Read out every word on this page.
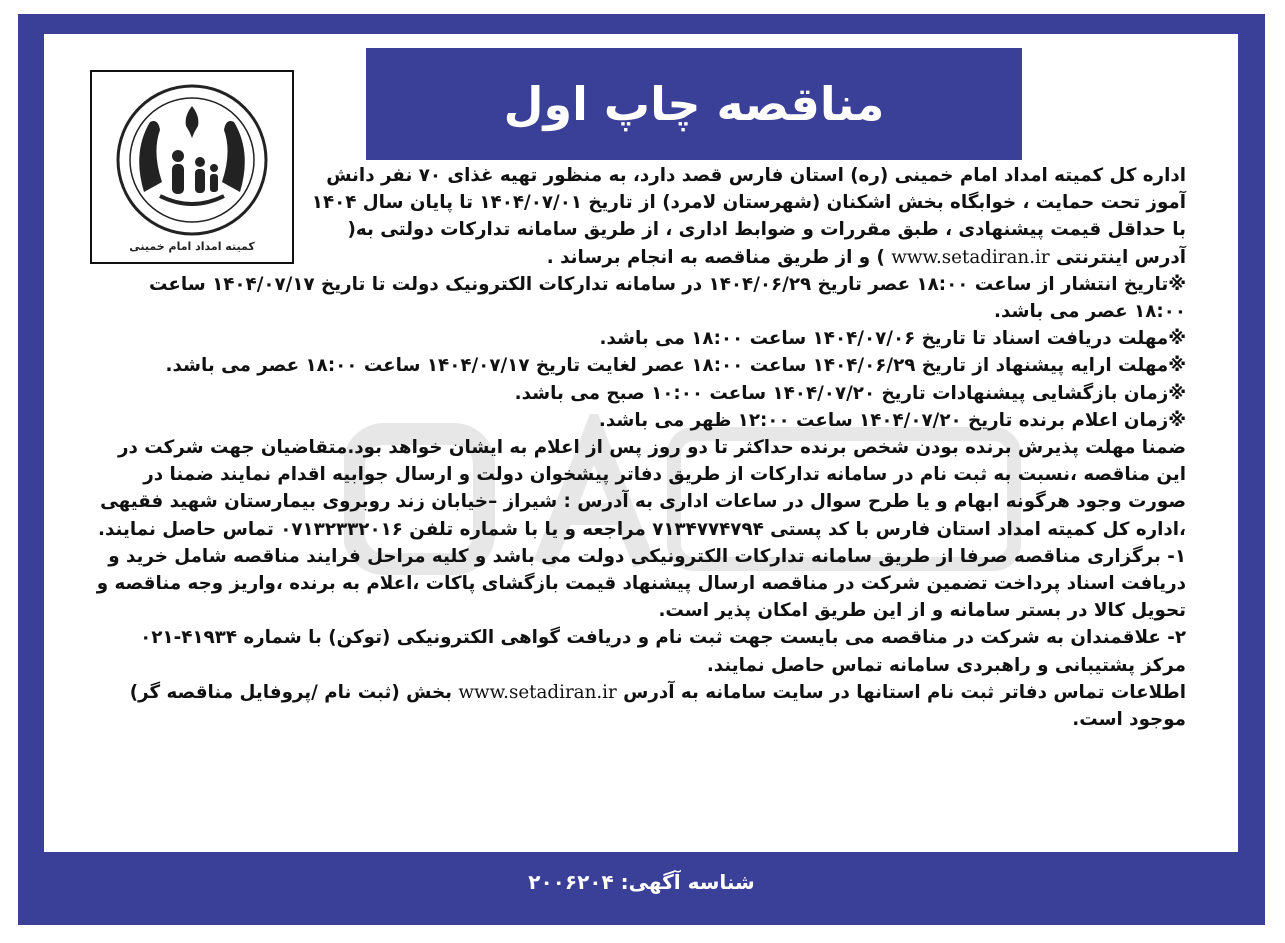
مناقصه چاپ اول
کمیته امداد امام خمینی

اداره کل کمیته امداد امام خمینی (ره) استان فارس قصد دارد، به منظور تهیه غذای ۷۰ نفر دانش آموز تحت حمایت ، خوابگاه بخش اشکنان (شهرستان لامرد) از تاریخ ۱۴۰۴/۰۷/۰۱ تا پایان سال ۱۴۰۴ با حداقل قیمت پیشنهادی ، طبق مقررات و ضوابط اداری ، از طریق سامانه تدارکات دولتی به( آدرس اینترنتی www.setadiran.ir ) و از طریق مناقصه به انجام برساند .

※تاریخ انتشار از ساعت ۱۸:۰۰ عصر تاریخ ۱۴۰۴/۰۶/۲۹ در سامانه تدارکات الکترونیک دولت تا تاریخ ۱۴۰۴/۰۷/۱۷ ساعت ۱۸:۰۰ عصر می باشد.

※مهلت دریافت اسناد تا تاریخ ۱۴۰۴/۰۷/۰۶ ساعت ۱۸:۰۰ می باشد.

※مهلت ارایه پیشنهاد از تاریخ ۱۴۰۴/۰۶/۲۹ ساعت ۱۸:۰۰ عصر لغایت تاریخ ۱۴۰۴/۰۷/۱۷ ساعت ۱۸:۰۰ عصر می باشد.

※زمان بازگشایی پیشنهادات تاریخ ۱۴۰۴/۰۷/۲۰ ساعت ۱۰:۰۰ صبح می باشد.

※زمان اعلام برنده تاریخ ۱۴۰۴/۰۷/۲۰ ساعت ۱۲:۰۰ ظهر می باشد.

ضمنا مهلت پذیرش برنده بودن شخص برنده حداکثر تا دو روز پس از اعلام به ایشان خواهد بود.متقاضیان جهت شرکت در این مناقصه ،نسبت به ثبت نام در سامانه تدارکات از طریق دفاتر پیشخوان دولت و ارسال جوابیه اقدام نمایند ضمنا در صورت وجود هرگونه ابهام و یا طرح سوال در ساعات اداری به آدرس : شیراز –خیابان زند روبروی بیمارستان شهید فقیهی ،اداره کل کمیته امداد استان فارس با کد پستی ۷۱۳۴۷۷۴۷۹۴ مراجعه و یا با شماره تلفن ۰۷۱۳۲۳۳۲۰۱۶ تماس حاصل نمایند.

۱- برگزاری مناقصه صرفا از طریق سامانه تدارکات الکترونیکی دولت می باشد و کلیه مراحل فرایند مناقصه شامل خرید و دریافت اسناد پرداخت تضمین شرکت در مناقصه ارسال پیشنهاد قیمت بازگشای پاکات ،اعلام به برنده ،واریز وجه مناقصه و تحویل کالا در بستر سامانه و از این طریق امکان پذیر است.

۲- علاقمندان به شرکت در مناقصه می بایست جهت ثبت نام و دریافت گواهی الکترونیکی (توکن) با شماره ۴۱۹۳۴-۰۲۱ مرکز پشتیبانی و راهبردی سامانه تماس حاصل نمایند.

اطلاعات تماس دفاتر ثبت نام استانها در سایت سامانه به آدرس www.setadiran.ir بخش (ثبت نام /پروفایل مناقصه گر) موجود است.

شناسه آگهی: ۲۰۰۶۲۰۴
